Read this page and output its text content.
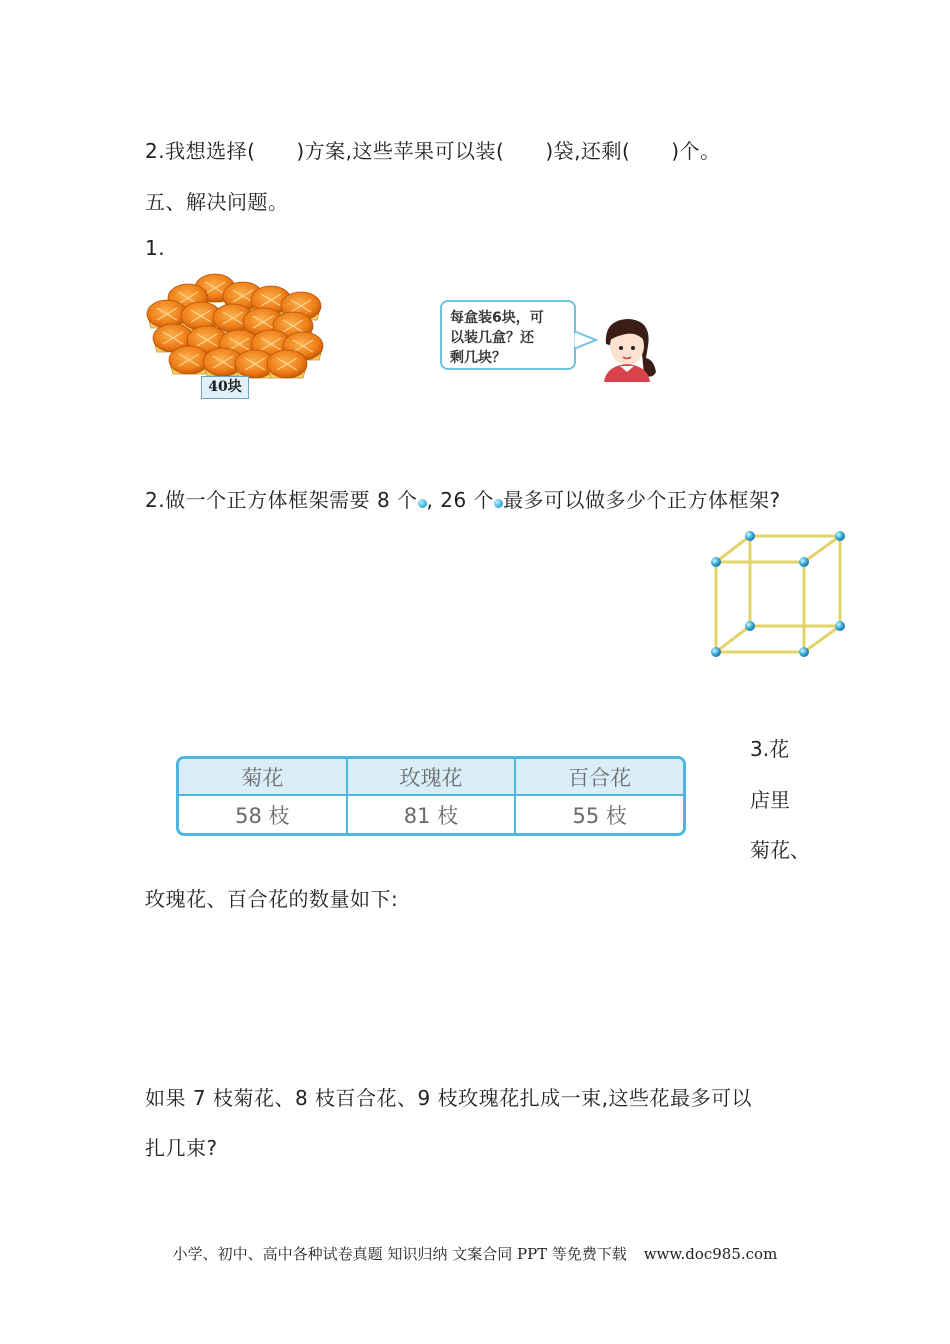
2.我想选择(　　)方案,这些苹果可以装(　　)袋,还剩(　　)个。
五、解决问题。
1.
40块
每盒装6块，可
以装几盒？还
剩几块？
2.做一个正方体框架需要 8 个 , 26 个 最多可以做多少个正方体框架?
菊花	玫瑰花	百合花
58 枝	81 枝	55 枝
3.花
店里
菊花、
玫瑰花、百合花的数量如下:
如果 7 枝菊花、8 枝百合花、9 枝玫瑰花扎成一束,这些花最多可以
扎几束?
小学、初中、高中各种试卷真题 知识归纳 文案合同 PPT 等免费下载 www.doc985.com
